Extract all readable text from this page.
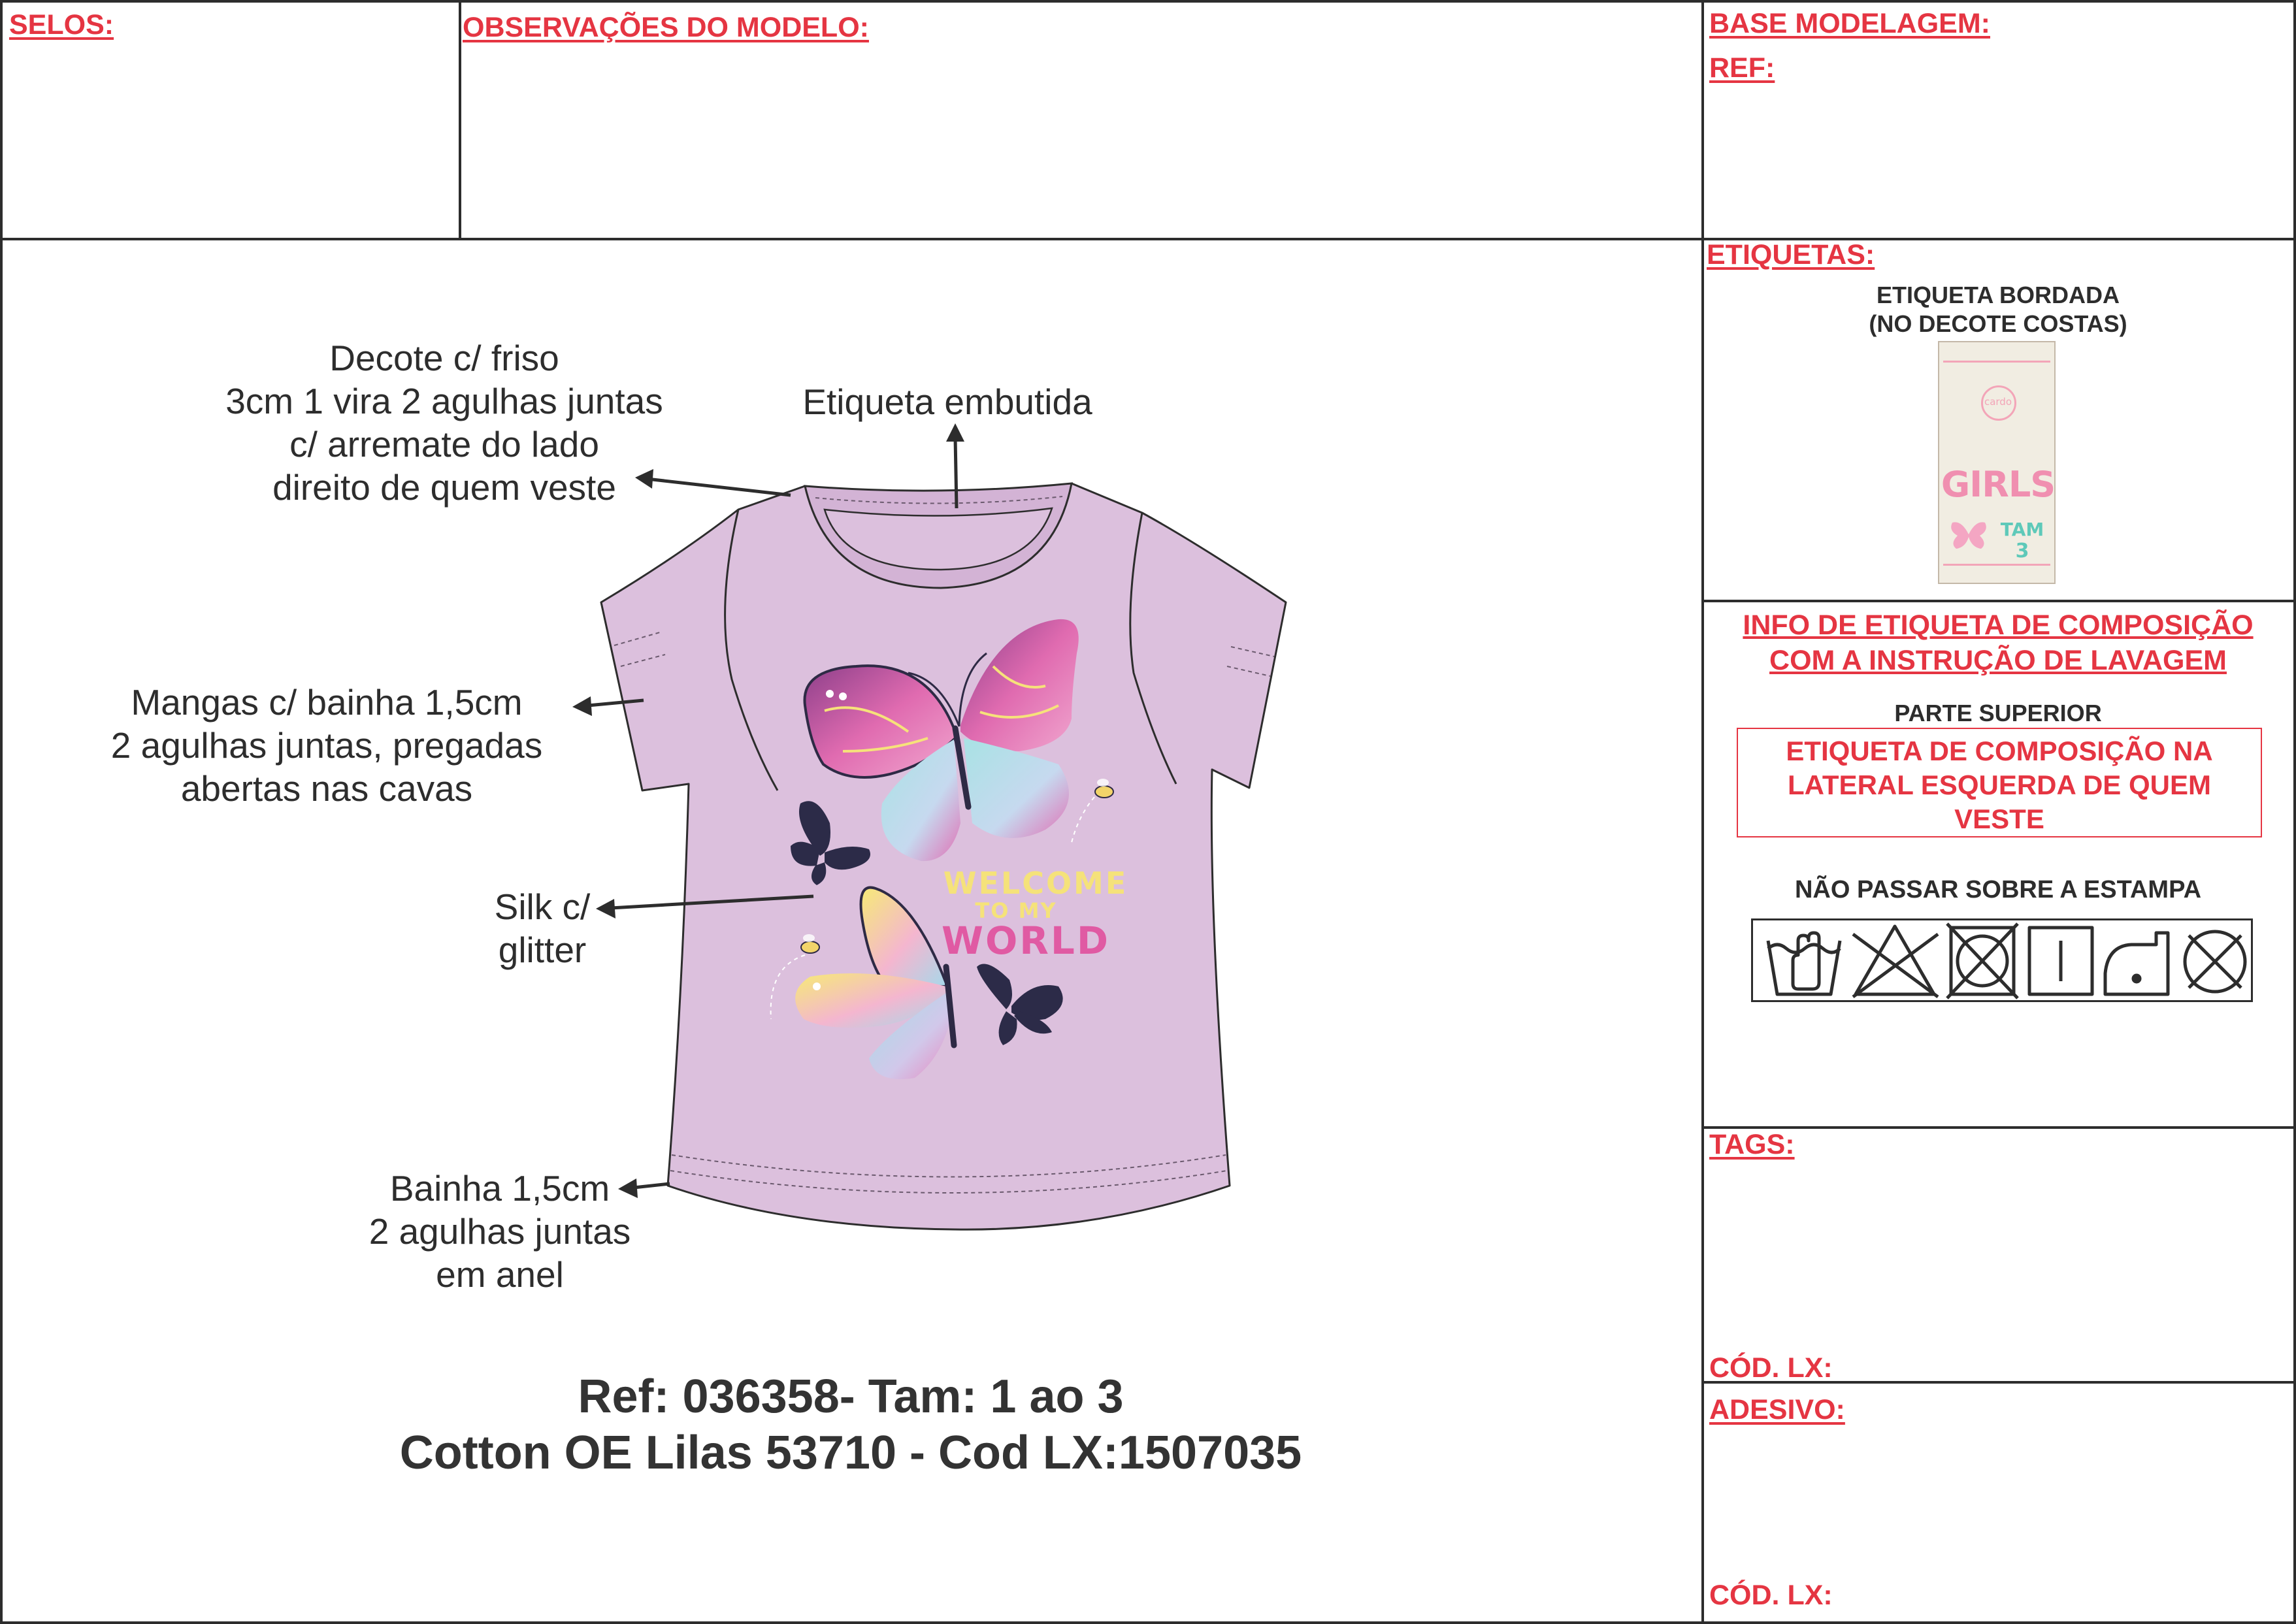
SELOS:	OBSERVAÇÕES DO MODELO:	BASE MODELAGEM:
REF:
WELCOME
TO MY
WORLD
Decote c/ friso
3cm 1 vira 2 agulhas juntas
c/ arremate do lado
direito de quem veste
Etiqueta embutida
Mangas c/ bainha 1,5cm
2 agulhas juntas, pregadas
abertas nas cavas
Silk c/
glitter
Bainha 1,5cm
2 agulhas juntas
em anel
Ref: 036358- Tam: 1 ao 3
Cotton OE Lilas 53710 - Cod LX:1507035
ETIQUETAS:
ETIQUETA BORDADA
(NO DECOTE COSTAS)
cardo
GIRLS
TAM
3
INFO DE ETIQUETA DE COMPOSIÇÃO
COM A INSTRUÇÃO DE LAVAGEM
PARTE SUPERIOR
ETIQUETA DE COMPOSIÇÃO NA
LATERAL ESQUERDA DE QUEM
VESTE
NÃO PASSAR SOBRE A ESTAMPA
TAGS:
CÓD. LX:
ADESIVO:
CÓD. LX:
